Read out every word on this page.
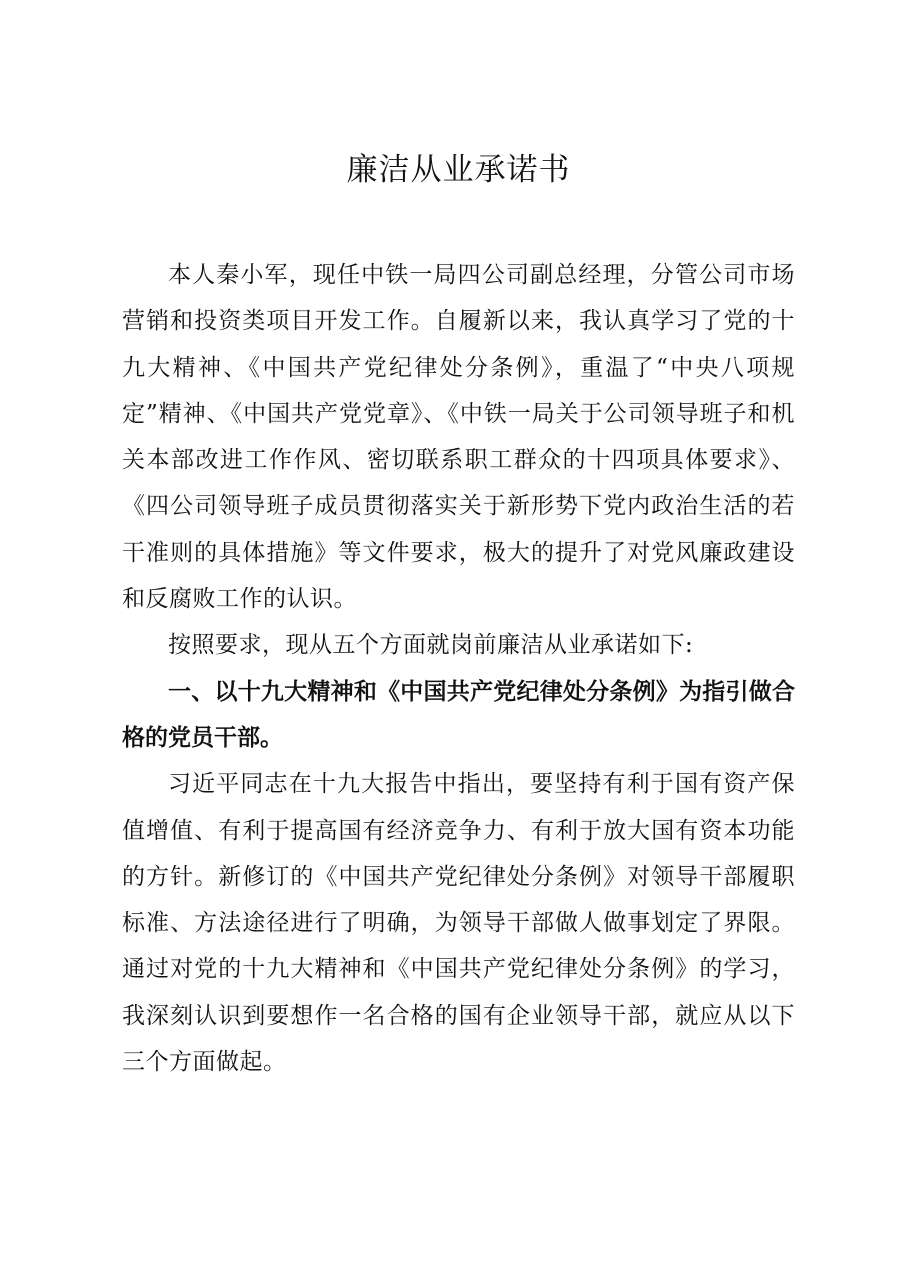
廉洁从业承诺书

本人秦小军，现任中铁一局四公司副总经理，分管公司市场营销和投资类项目开发工作。自履新以来，我认真学习了党的十九大精神、《中国共产党纪律处分条例》，重温了“中央八项规定”精神、《中国共产党党章》、《中铁一局关于公司领导班子和机关本部改进工作作风、密切联系职工群众的十四项具体要求》、《四公司领导班子成员贯彻落实关于新形势下党内政治生活的若干准则的具体措施》等文件要求，极大的提升了对党风廉政建设和反腐败工作的认识。

按照要求，现从五个方面就岗前廉洁从业承诺如下:

一、以十九大精神和《中国共产党纪律处分条例》为指引做合格的党员干部。

习近平同志在十九大报告中指出，要坚持有利于国有资产保值增值、有利于提高国有经济竞争力、有利于放大国有资本功能的方针。新修订的《中国共产党纪律处分条例》对领导干部履职标准、方法途径进行了明确，为领导干部做人做事划定了界限。通过对党的十九大精神和《中国共产党纪律处分条例》的学习，我深刻认识到要想作一名合格的国有企业领导干部，就应从以下三个方面做起。
